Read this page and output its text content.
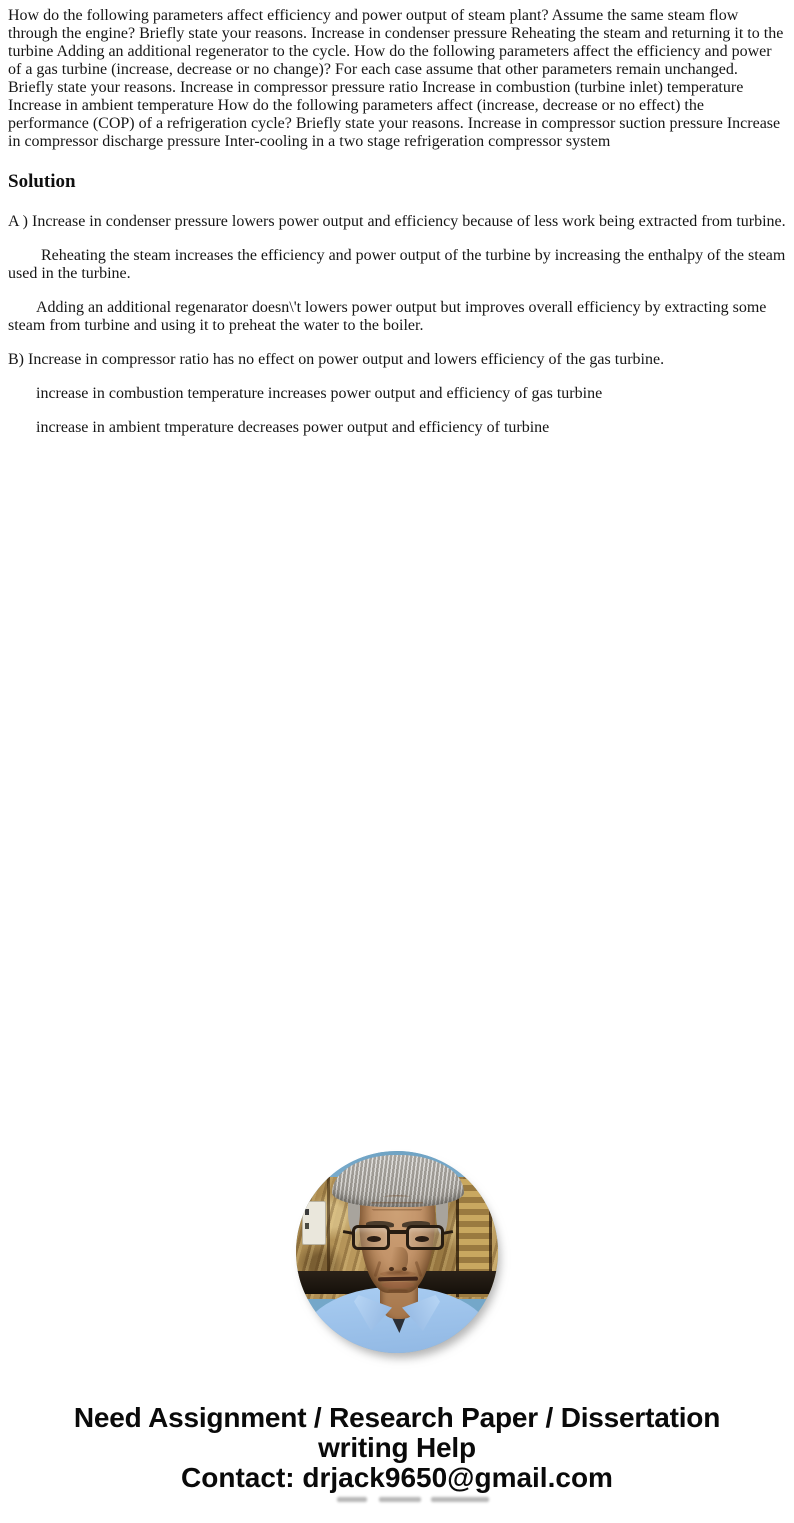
How do the following parameters affect efficiency and power output of steam plant? Assume the same steam flow through the engine? Briefly state your reasons. Increase in condenser pressure Reheating the steam and returning it to the turbine Adding an additional regenerator to the cycle. How do the following parameters affect the efficiency and power of a gas turbine (increase, decrease or no change)? For each case assume that other parameters remain unchanged. Briefly state your reasons. Increase in compressor pressure ratio Increase in combustion (turbine inlet) temperature Increase in ambient temperature How do the following parameters affect (increase, decrease or no effect) the performance (COP) of a refrigeration cycle? Briefly state your reasons. Increase in compressor suction pressure Increase in compressor discharge pressure Inter-cooling in a two stage refrigeration compressor system

Solution

A ) Increase in condenser pressure lowers power output and efficiency because of less work being extracted from turbine.

Reheating the steam increases the efficiency and power output of the turbine by increasing the enthalpy of the steam used in the turbine.

Adding an additional regenarator doesn\'t lowers power output but improves overall efficiency by extracting some steam from turbine and using it to preheat the water to the boiler.

B) Increase in compressor ratio has no effect on power output and lowers efficiency of the gas turbine.

increase in combustion temperature increases power output and efficiency of gas turbine

increase in ambient tmperature decreases power output and efficiency of turbine

Need Assignment / Research Paper / Dissertation writing Help
Contact: drjack9650@gmail.com
